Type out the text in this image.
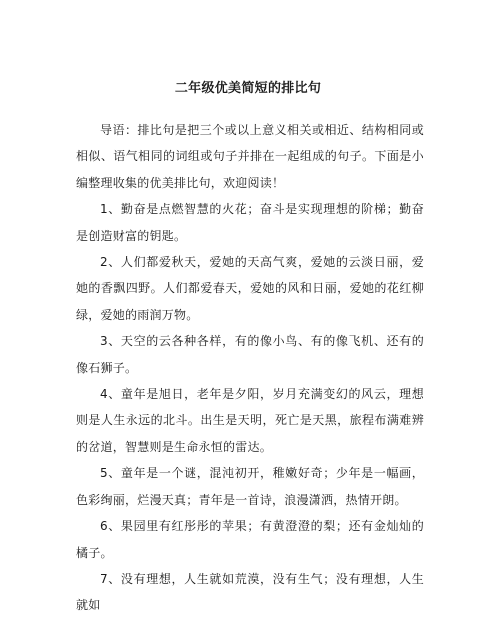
二年级优美简短的排比句

导语：排比句是把三个或以上意义相关或相近、结构相同或相似、语气相同的词组或句子并排在一起组成的句子。下面是小编整理收集的优美排比句，欢迎阅读！

1、勤奋是点燃智慧的火花；奋斗是实现理想的阶梯；勤奋是创造财富的钥匙。

2、人们都爱秋天，爱她的天高气爽，爱她的云淡日丽，爱她的香飘四野。人们都爱春天，爱她的风和日丽，爱她的花红柳绿，爱她的雨润万物。

3、天空的云各种各样，有的像小鸟、有的像飞机、还有的像石狮子。

4、童年是旭日，老年是夕阳，岁月充满变幻的风云，理想则是人生永远的北斗。出生是天明，死亡是天黑，旅程布满难辨的岔道，智慧则是生命永恒的雷达。

5、童年是一个谜，混沌初开，稚嫩好奇；少年是一幅画，色彩绚丽，烂漫天真；青年是一首诗，浪漫潇洒，热情开朗。

6、果园里有红彤彤的苹果；有黄澄澄的梨；还有金灿灿的橘子。

7、没有理想，人生就如荒漠，没有生气；没有理想，人生就如
